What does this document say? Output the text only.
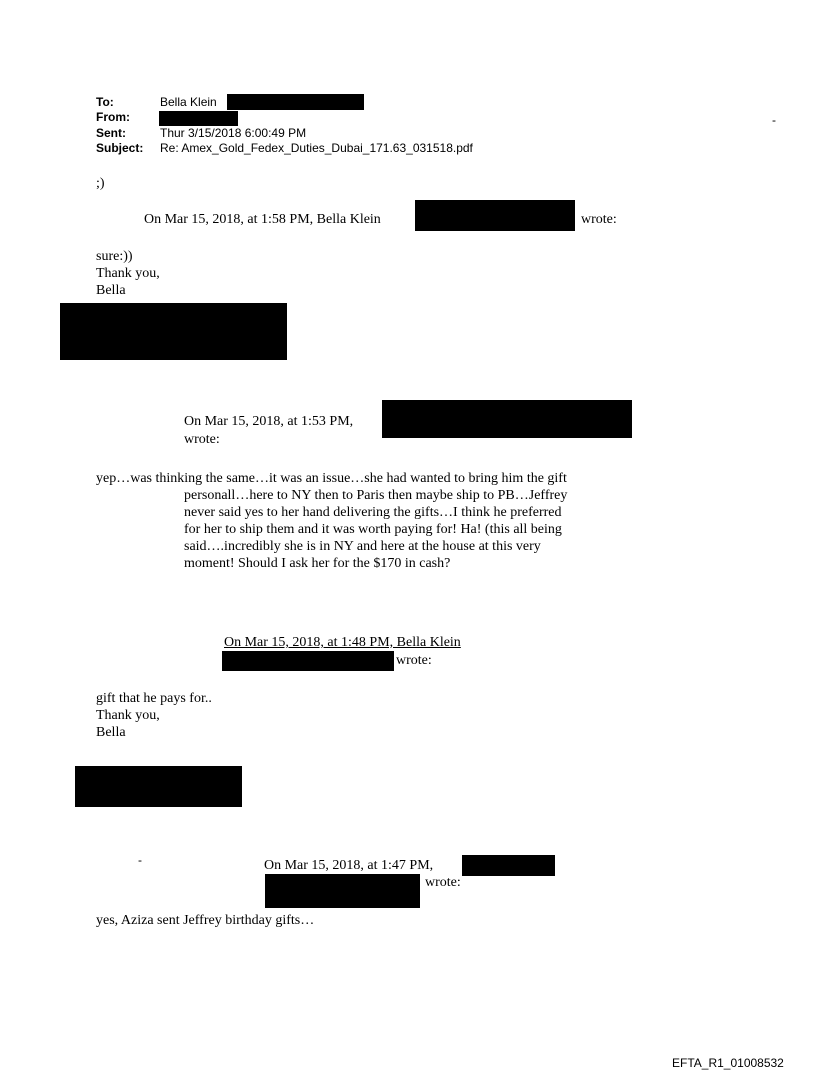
To:	Bella Klein
From:
Sent:	Thur 3/15/2018 6:00:49 PM
Subject: Re: Amex_Gold_Fedex_Duties_Dubai_171.63_031518.pdf
-
;)
On Mar 15, 2018, at 1:58 PM, Bella Klein	wrote:
sure:))
Thank you,
Bella
On Mar 15, 2018, at 1:53 PM,
wrote:
yep…was thinking the same…it was an issue…she had wanted to bring him the gift
personall…here to NY then to Paris then maybe ship to PB…Jeffrey
never said yes to her hand delivering the gifts…I think he preferred
for her to ship them and it was worth paying for! Ha! (this all being
said….incredibly she is in NY and here at the house at this very
moment! Should I ask her for the $170 in cash?
On Mar 15, 2018, at 1:48 PM, Bella Klein
wrote:
gift that he pays for..
Thank you,
Bella
-	On Mar 15, 2018, at 1:47 PM,
wrote:
yes, Aziza sent Jeffrey birthday gifts…
EFTA_R1_01008532
